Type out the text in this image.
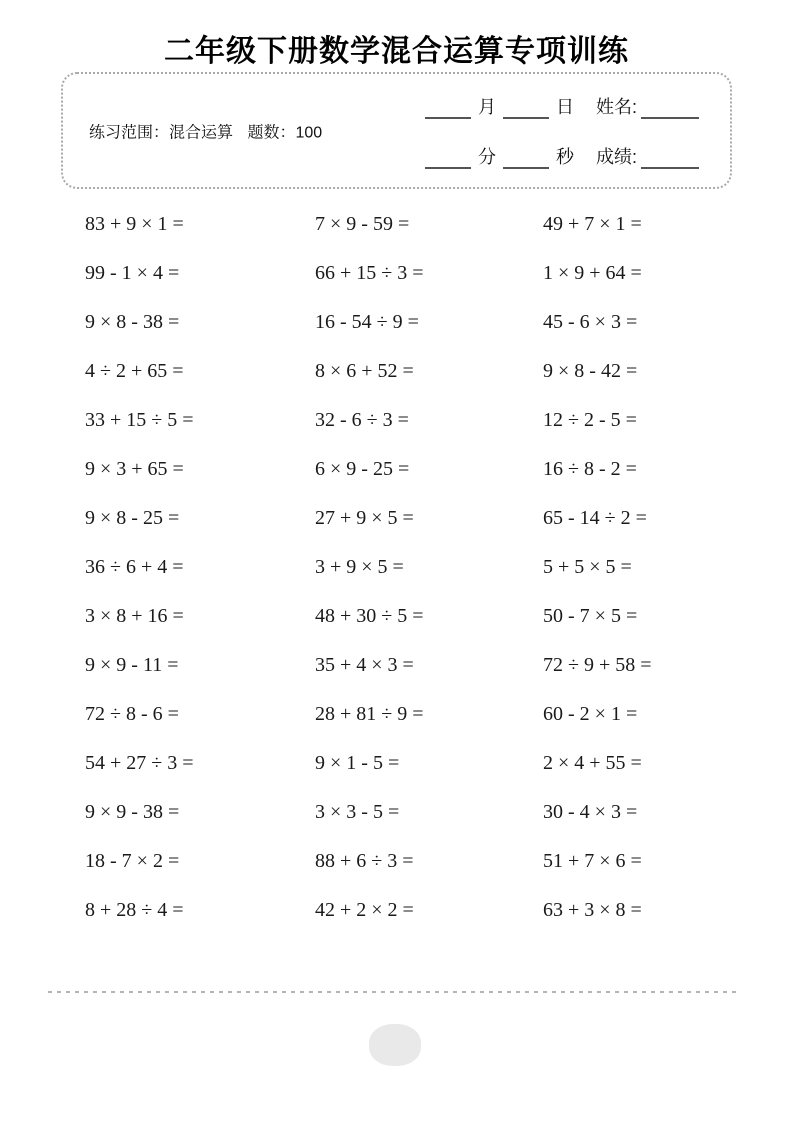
二年级下册数学混合运算专项训练
练习范围：混合运算 题数：100
月	日 姓名:
分	秒 成绩:
83 + 9 × 1 =
99 - 1 × 4 =
9 × 8 - 38 =
4 ÷ 2 + 65 =
33 + 15 ÷ 5 =
9 × 3 + 65 =
9 × 8 - 25 =
36 ÷ 6 + 4 =
3 × 8 + 16 =
9 × 9 - 11 =
72 ÷ 8 - 6 =
54 + 27 ÷ 3 =
9 × 9 - 38 =
18 - 7 × 2 =
8 + 28 ÷ 4 =
7 × 9 - 59 =
66 + 15 ÷ 3 =
16 - 54 ÷ 9 =
8 × 6 + 52 =
32 - 6 ÷ 3 =
6 × 9 - 25 =
27 + 9 × 5 =
3 + 9 × 5 =
48 + 30 ÷ 5 =
35 + 4 × 3 =
28 + 81 ÷ 9 =
9 × 1 - 5 =
3 × 3 - 5 =
88 + 6 ÷ 3 =
42 + 2 × 2 =
49 + 7 × 1 =
1 × 9 + 64 =
45 - 6 × 3 =
9 × 8 - 42 =
12 ÷ 2 - 5 =
16 ÷ 8 - 2 =
65 - 14 ÷ 2 =
5 + 5 × 5 =
50 - 7 × 5 =
72 ÷ 9 + 58 =
60 - 2 × 1 =
2 × 4 + 55 =
30 - 4 × 3 =
51 + 7 × 6 =
63 + 3 × 8 =
